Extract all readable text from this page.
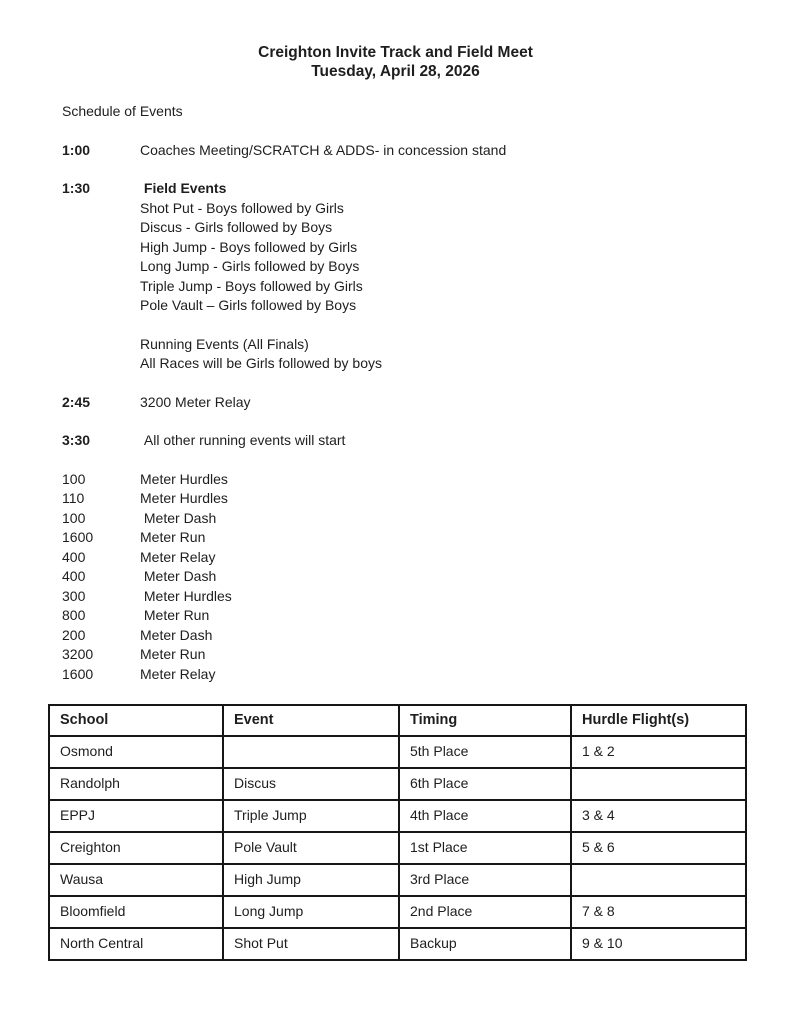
Creighton Invite Track and Field Meet
Tuesday, April 28, 2026
Schedule of Events
1:00	Coaches Meeting/SCRATCH & ADDS- in concession stand
1:30	Field Events
Shot Put - Boys followed by Girls
Discus - Girls followed by Boys
High Jump - Boys followed by Girls
Long Jump - Girls followed by Boys
Triple Jump - Boys followed by Girls
Pole Vault – Girls followed by Boys
Running Events (All Finals)
All Races will be Girls followed by boys
2:45	3200 Meter Relay
3:30	All other running events will start
100	Meter Hurdles
110	Meter Hurdles
100	Meter Dash
1600	Meter Run
400	Meter Relay
400	Meter Dash
300	Meter Hurdles
800	Meter Run
200	Meter Dash
3200	Meter Run
1600	Meter Relay
School	Event	Timing	Hurdle Flight(s)
Osmond		5th Place	1 & 2
Randolph	Discus	6th Place	
EPPJ	Triple Jump	4th Place	3 & 4
Creighton	Pole Vault	1st Place	5 & 6
Wausa	High Jump	3rd Place	
Bloomfield	Long Jump	2nd Place	7 & 8
North Central	Shot Put	Backup	9 & 10
